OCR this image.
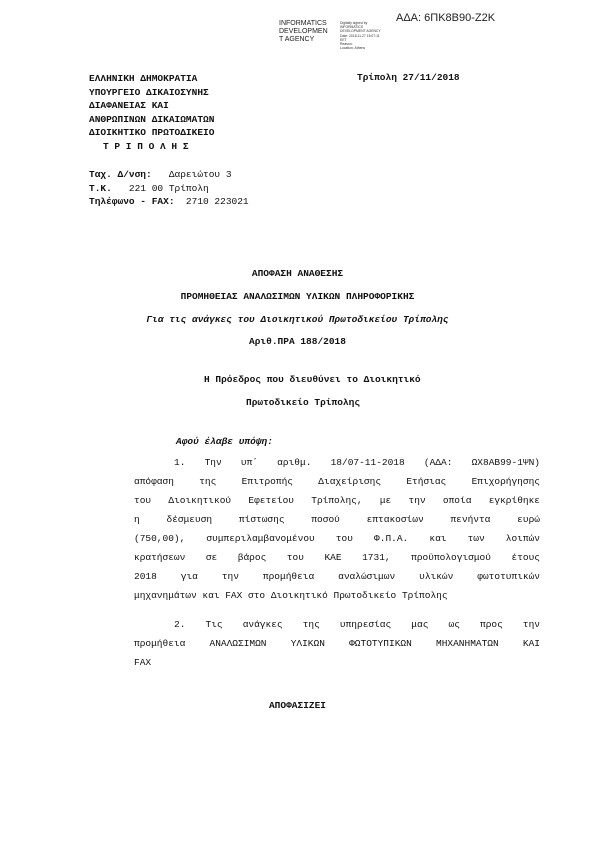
ΑΔΑ: 6ΠΚ8Β90-Ζ2Κ
INFORMATICS
DEVELOPMEN
T AGENCY
Digitally signed by
INFORMATICS
DEVELOPMENT AGENCY
Date: 2018.11.27 15:07:11
EET
Reason:
Location: Athens
ΕΛΛΗΝΙΚΗ ΔΗΜΟΚΡΑΤΙΑ
ΥΠΟΥΡΓΕΙΟ ΔΙΚΑΙΟΣΥΝΗΣ
ΔΙΑΦΑΝΕΙΑΣ ΚΑΙ
ΑΝΘΡΩΠΙΝΩΝ ΔΙΚΑΙΩΜΑΤΩΝ
ΔΙΟΙΚΗΤΙΚΟ ΠΡΩΤΟΔΙΚΕΙΟ
Τ Ρ Ι Π Ο Λ Η Σ
Τρίπολη 27/11/2018
Ταχ. Δ/νση: Δαρειώτου 3
Τ.Κ. 221 00 Τρίπολη
Τηλέφωνο - FAX: 2710 223021
ΑΠΟΦΑΣΗ ΑΝΑΘΕΣΗΣ
ΠΡΟΜΗΘΕΙΑΣ ΑΝΑΛΩΣΙΜΩΝ ΥΛΙΚΩΝ ΠΛΗΡΟΦΟΡΙΚΗΣ
Για τις ανάγκες του Διοικητικού Πρωτοδικείου Τρίπολης
Αριθ.ΠΡΑ 188/2018
Η Πρόεδρος που διευθύνει το Διοικητικό
Πρωτοδικείο Τρίπολης
Αφού έλαβε υπόψη:
1. Την υπ΄ αριθμ. 18/07-11-2018 (ΑΔΑ: ΩΧ8ΑΒ99-1ΨΝ)
απόφαση της Επιτροπής Διαχείρισης Ετήσιας Επιχορήγησης
του Διοικητικού Εφετείου Τρίπολης, με την οποία εγκρίθηκε
η δέσμευση πίστωσης ποσού επτακοσίων πενήντα ευρώ
(750,00), συμπεριλαμβανομένου του Φ.Π.Α. και των λοιπών
κρατήσεων σε βάρος του ΚΑΕ 1731, προϋπολογισμού έτους
2018 για την προμήθεια αναλώσιμων υλικών φωτοτυπικών
μηχανημάτων και FAX στο Διοικητικό Πρωτοδικείο Τρίπολης
2. Τις ανάγκες της υπηρεσίας μας ως προς την
προμήθεια ΑΝΑΛΩΣΙΜΩΝ ΥΛΙΚΩΝ ΦΩΤΟΤΥΠΙΚΩΝ ΜΗΧΑΝΗΜΑΤΩΝ ΚΑΙ
FAX
ΑΠΟΦΑΣΙΖΕΙ
